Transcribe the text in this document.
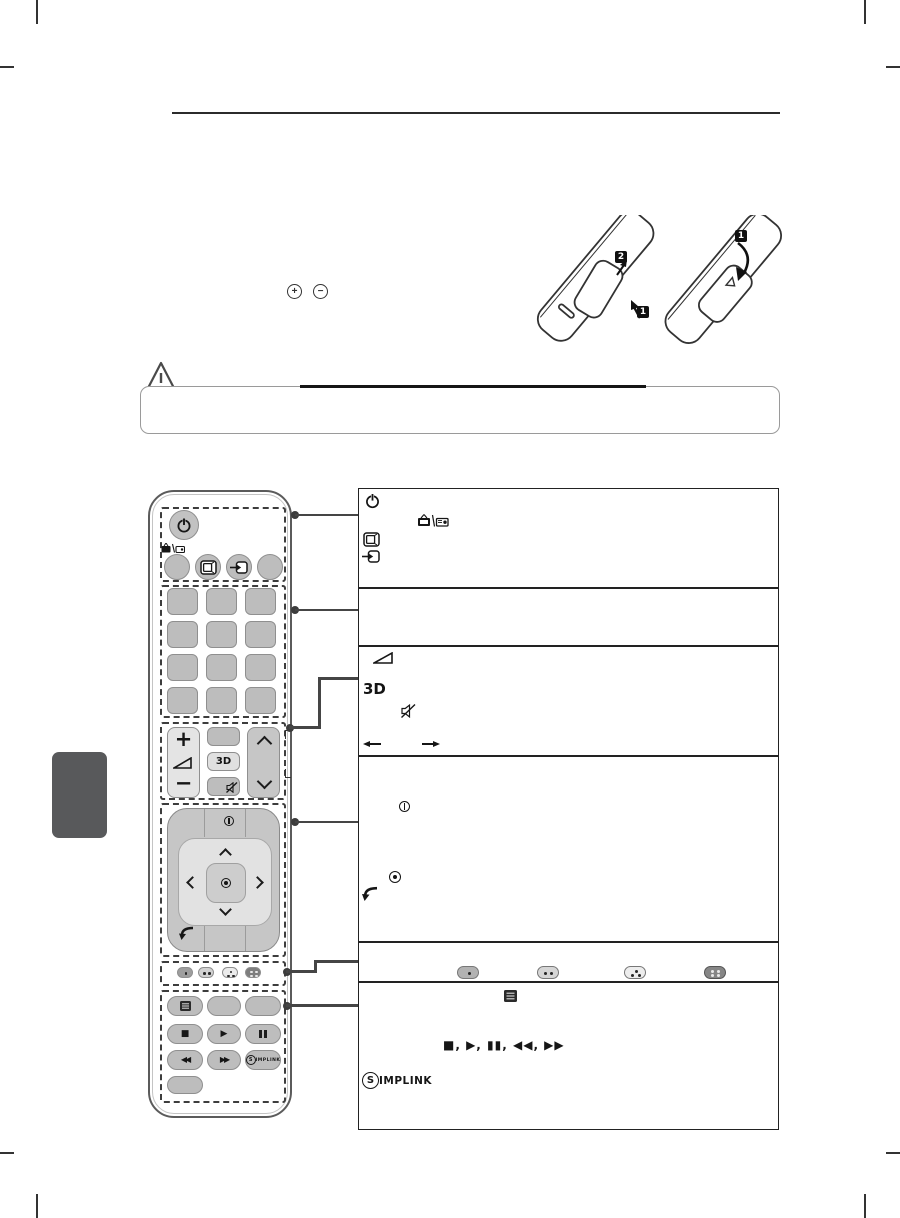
+ −
2
1
1
+
−
3D
■	▶
◀◀	▶▶	S IMPLINK
3D
■, ▶, ▮▮, ◀◀, ▶▶
S IMPLINK
